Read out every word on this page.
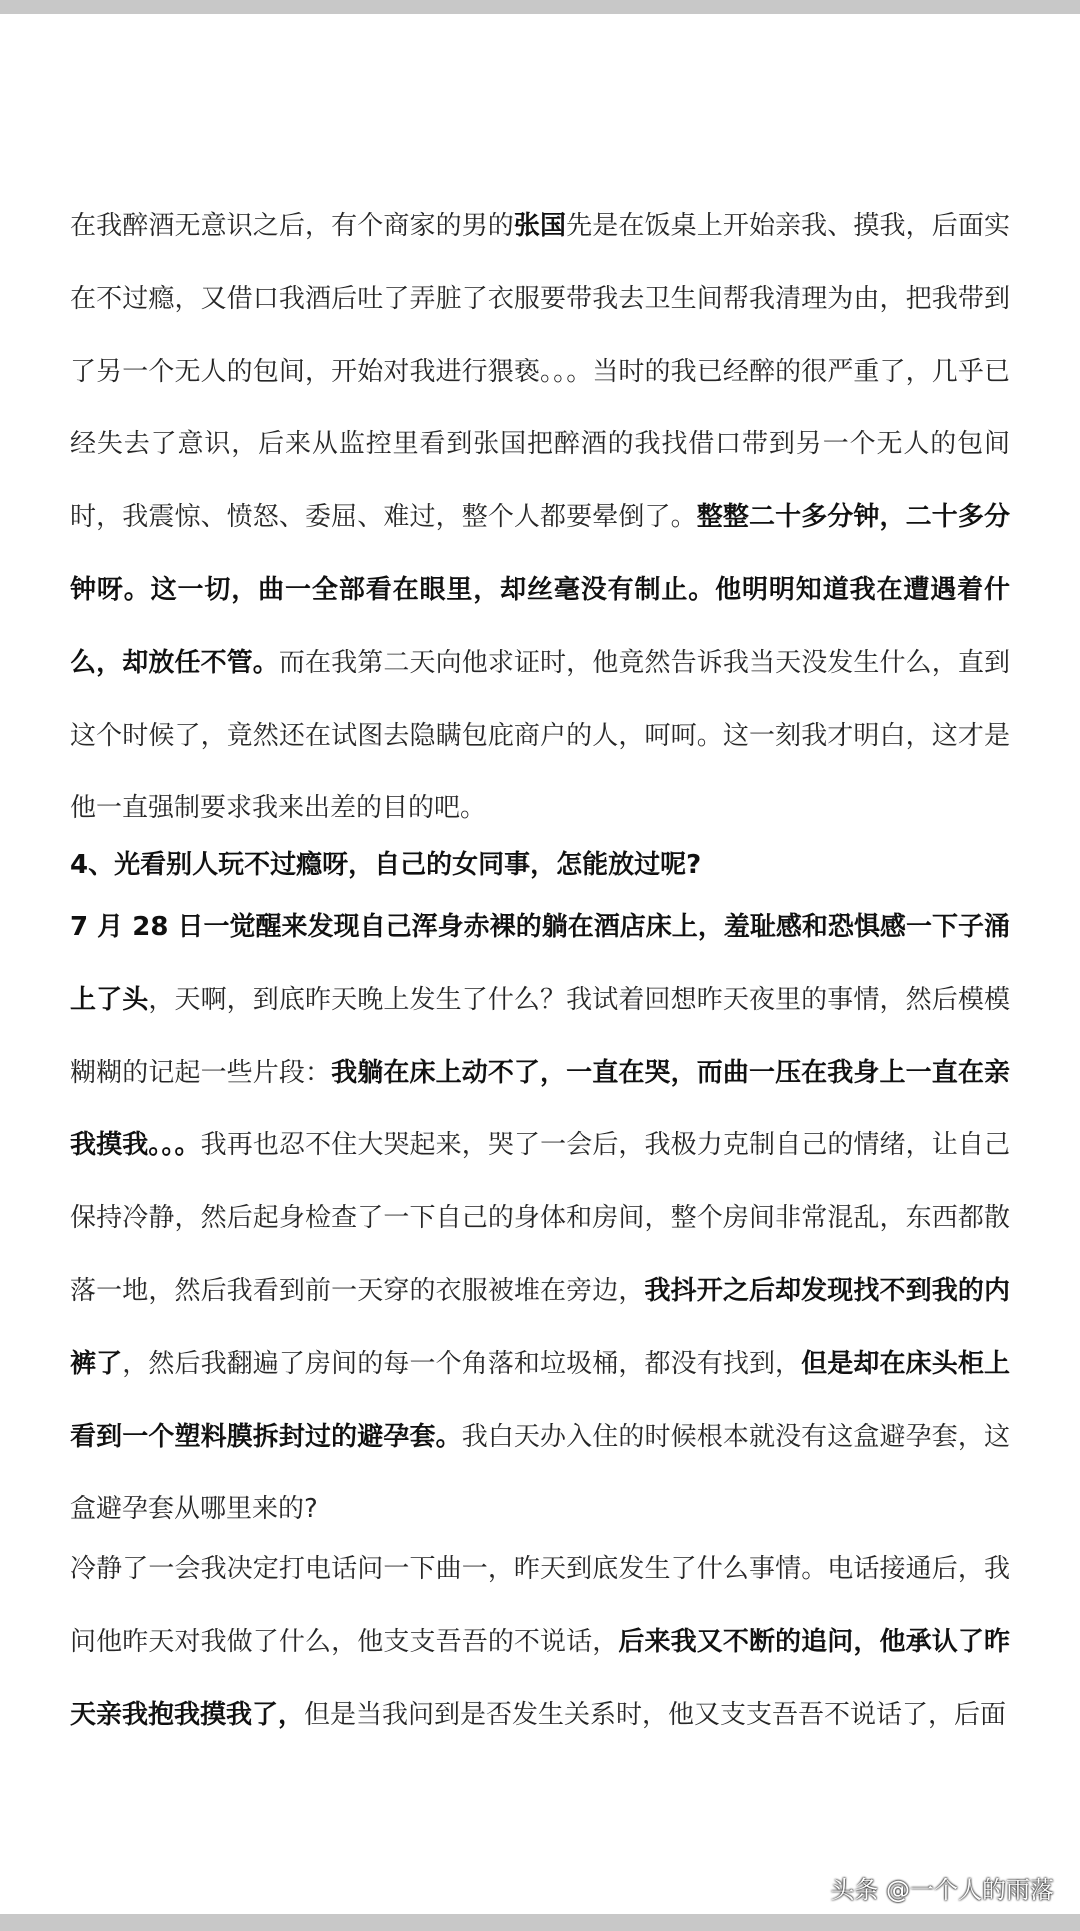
在我醉酒无意识之后，有个商家的男的张国先是在饭桌上开始亲我、摸我，后面实在不过瘾，又借口我酒后吐了弄脏了衣服要带我去卫生间帮我清理为由，把我带到了另一个无人的包间，开始对我进行猥亵。。。当时的我已经醉的很严重了，几乎已经失去了意识，后来从监控里看到张国把醉酒的我找借口带到另一个无人的包间时，我震惊、愤怒、委屈、难过，整个人都要晕倒了。整整二十多分钟，二十多分钟呀。这一切，曲一全部看在眼里，却丝毫没有制止。他明明知道我在遭遇着什么，却放任不管。而在我第二天向他求证时，他竟然告诉我当天没发生什么，直到这个时候了，竟然还在试图去隐瞒包庇商户的人，呵呵。这一刻我才明白，这才是他一直强制要求我来出差的目的吧。

4、光看别人玩不过瘾呀，自己的女同事，怎能放过呢?

7 月 28 日一觉醒来发现自己浑身赤裸的躺在酒店床上，羞耻感和恐惧感一下子涌上了头，天啊，到底昨天晚上发生了什么？我试着回想昨天夜里的事情，然后模模糊糊的记起一些片段：我躺在床上动不了，一直在哭，而曲一压在我身上一直在亲我摸我。。。我再也忍不住大哭起来，哭了一会后，我极力克制自己的情绪，让自己保持冷静，然后起身检查了一下自己的身体和房间，整个房间非常混乱，东西都散落一地，然后我看到前一天穿的衣服被堆在旁边，我抖开之后却发现找不到我的内裤了，然后我翻遍了房间的每一个角落和垃圾桶，都没有找到，但是却在床头柜上看到一个塑料膜拆封过的避孕套。我白天办入住的时候根本就没有这盒避孕套，这盒避孕套从哪里来的?

冷静了一会我决定打电话问一下曲一，昨天到底发生了什么事情。电话接通后，我问他昨天对我做了什么，他支支吾吾的不说话，后来我又不断的追问，他承认了昨天亲我抱我摸我了，但是当我问到是否发生关系时，他又支支吾吾不说话了，后面

头条 @一个人的雨落
